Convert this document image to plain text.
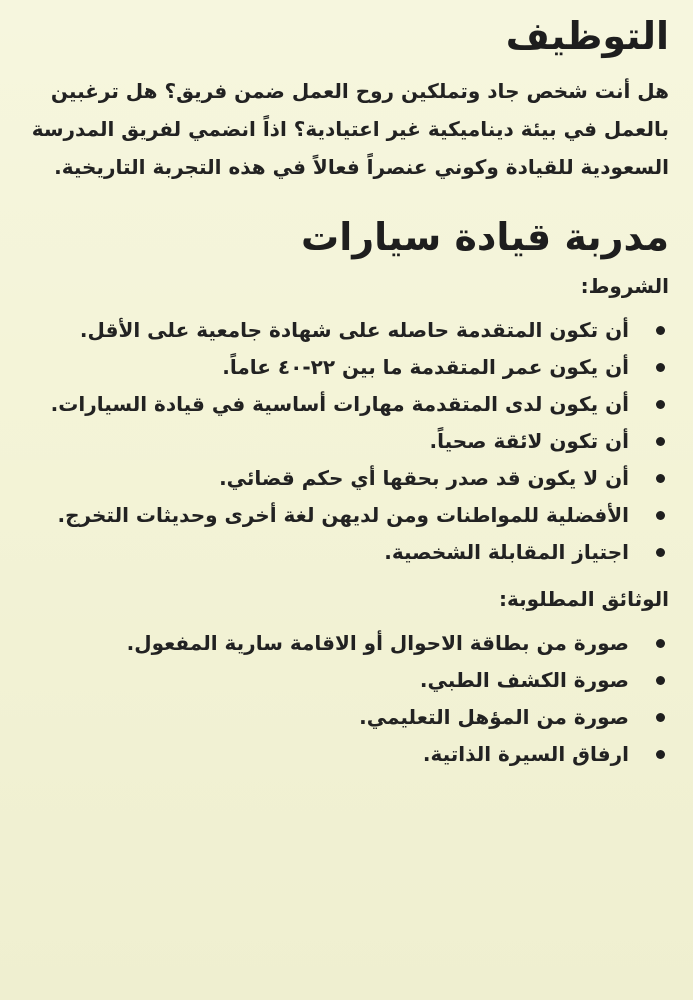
التوظيف

هل أنت شخص جاد وتملكين روح العمل ضمن فريق؟ هل ترغبين بالعمل في بيئة ديناميكية غير اعتيادية؟ اذاً انضمي لفريق المدرسة السعودية للقيادة وكوني عنصراً فعالاً في هذه التجربة التاريخية.

مدربة قيادة سيارات
الشروط:
أن تكون المتقدمة حاصله على شهادة جامعية على الأقل.
أن يكون عمر المتقدمة ما بين ٢٢-٤٠ عاماً.
أن يكون لدى المتقدمة مهارات أساسية في قيادة السيارات.
أن تكون لائقة صحياً.
أن لا يكون قد صدر بحقها أي حكم قضائي.
الأفضلية للمواطنات ومن لديهن لغة أخرى وحديثات التخرج.
اجتياز المقابلة الشخصية.
الوثائق المطلوبة:
صورة من بطاقة الاحوال أو الاقامة سارية المفعول.
صورة الكشف الطبي.
صورة من المؤهل التعليمي.
ارفاق السيرة الذاتية.
